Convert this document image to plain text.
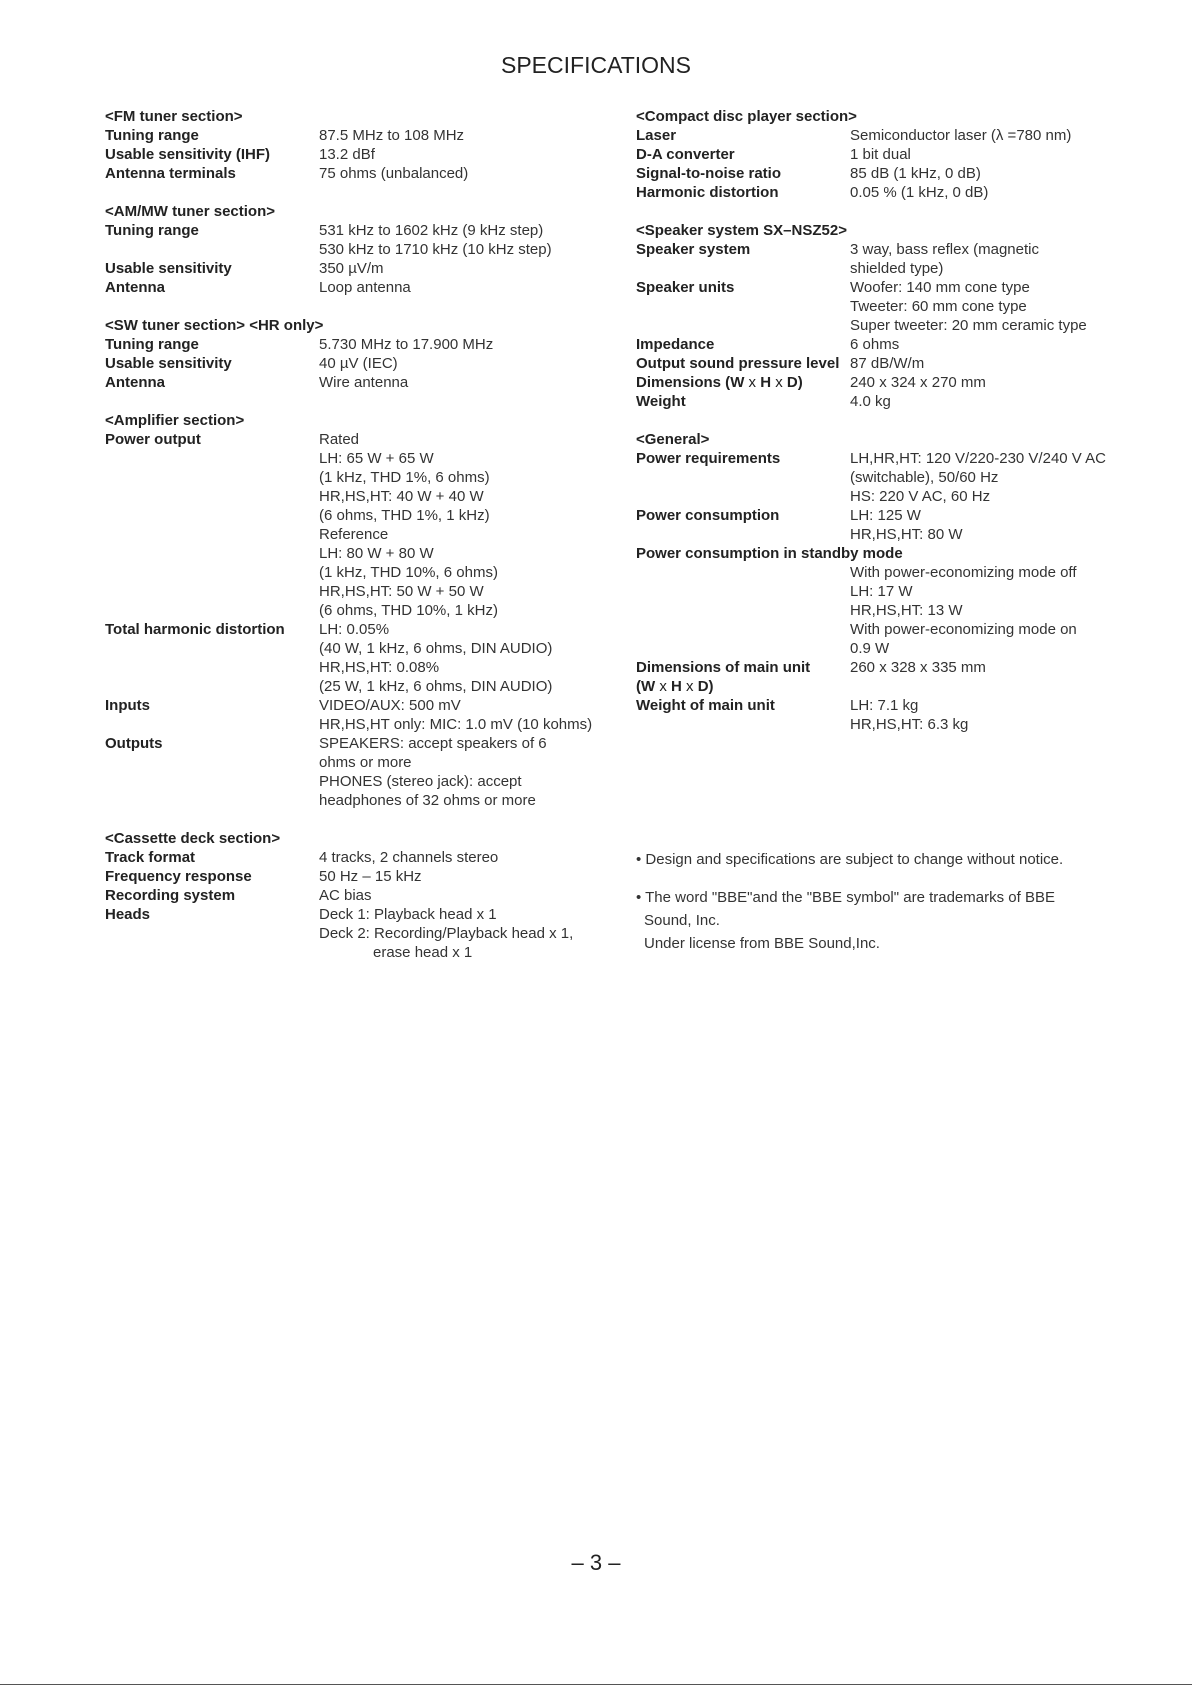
SPECIFICATIONS
<FM tuner section>
Tuning range	87.5 MHz to 108 MHz
Usable sensitivity (IHF)	13.2 dBf
Antenna terminals	75 ohms (unbalanced)
<AM/MW tuner section>
Tuning range	531 kHz to 1602 kHz (9 kHz step)
530 kHz to 1710 kHz (10 kHz step)
Usable sensitivity	350 µV/m
Antenna	Loop antenna
<SW tuner section> <HR only>
Tuning range	5.730 MHz to 17.900 MHz
Usable sensitivity	40 µV (IEC)
Antenna	Wire antenna
<Amplifier section>
Power output	Rated
LH: 65 W + 65 W
(1 kHz, THD 1%, 6 ohms)
HR,HS,HT: 40 W + 40 W
(6 ohms, THD 1%, 1 kHz)
Reference
LH: 80 W + 80 W
(1 kHz, THD 10%, 6 ohms)
HR,HS,HT: 50 W + 50 W
(6 ohms, THD 10%, 1 kHz)
Total harmonic distortion	LH: 0.05%
(40 W, 1 kHz, 6 ohms, DIN AUDIO)
HR,HS,HT: 0.08%
(25 W, 1 kHz, 6 ohms, DIN AUDIO)
Inputs	VIDEO/AUX: 500 mV
HR,HS,HT only: MIC: 1.0 mV (10 kohms)
Outputs	SPEAKERS: accept speakers of 6
ohms or more
PHONES (stereo jack): accept
headphones of 32 ohms or more
<Cassette deck section>
Track format	4 tracks, 2 channels stereo
Frequency response	50 Hz – 15 kHz
Recording system	AC bias
Heads	Deck 1: Playback head x 1
Deck 2: Recording/Playback head x 1,
erase head x 1
<Compact disc player section>
Laser	Semiconductor laser (λ =780 nm)
D-A converter	1 bit dual
Signal-to-noise ratio	85 dB (1 kHz, 0 dB)
Harmonic distortion	0.05 % (1 kHz, 0 dB)
<Speaker system SX–NSZ52>
Speaker system	3 way, bass reflex (magnetic
shielded type)
Speaker units	Woofer: 140 mm cone type
Tweeter: 60 mm cone type
Super tweeter: 20 mm ceramic type
Impedance	6 ohms
Output sound pressure level 87 dB/W/m
Dimensions (W x H x D)	240 x 324 x 270 mm
Weight	4.0 kg
<General>
Power requirements	LH,HR,HT: 120 V/220-230 V/240 V AC
(switchable), 50/60 Hz
HS: 220 V AC, 60 Hz
Power consumption	LH: 125 W
HR,HS,HT: 80 W
Power consumption in standby mode
With power-economizing mode off
LH: 17 W
HR,HS,HT: 13 W
With power-economizing mode on
0.9 W
Dimensions of main unit
(W x H x D)
260 x 328 x 335 mm
Weight of main unit	LH: 7.1 kg
HR,HS,HT: 6.3 kg
• Design and specifications are subject to change without notice.
• The word "BBE"and the "BBE symbol" are trademarks of BBE
Sound, Inc.
Under license from BBE Sound,Inc.
– 3 –
